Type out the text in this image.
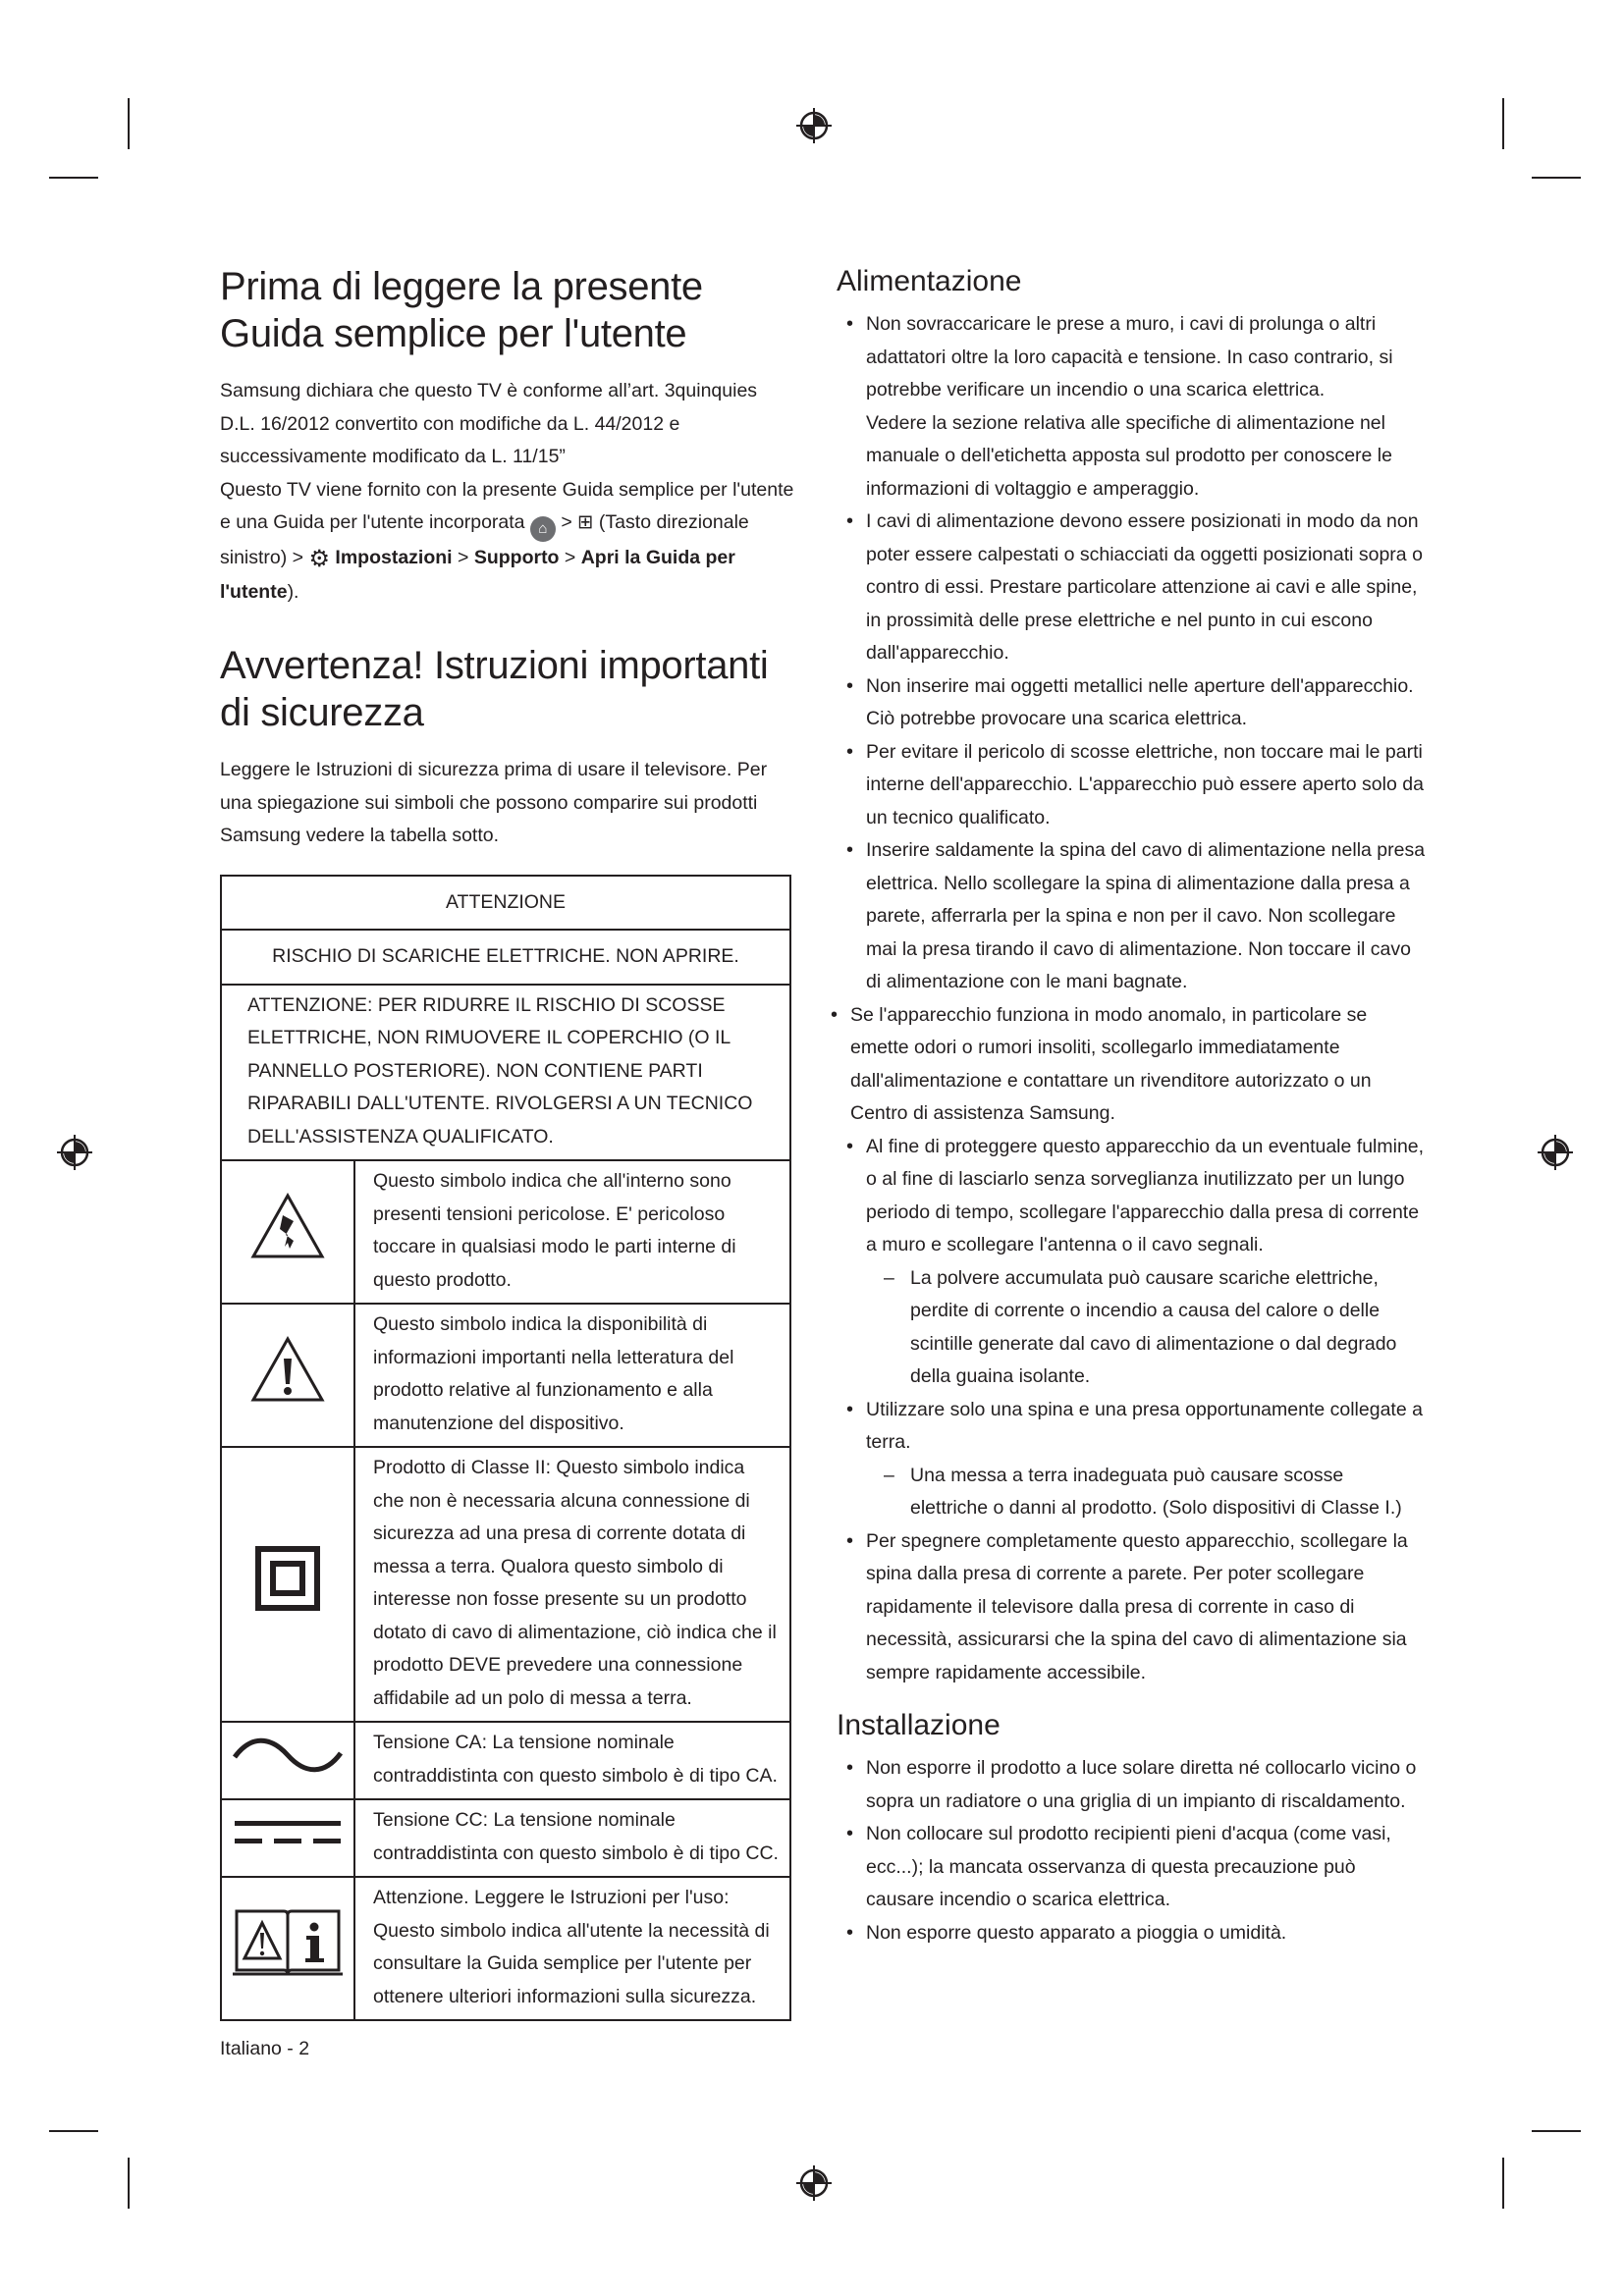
Prima di leggere la presente Guida semplice per l'utente

Samsung dichiara che questo TV è conforme all’art. 3quinquies D.L. 16/2012 convertito con modifiche da L. 44/2012 e successivamente modificato da L. 11/15”

Questo TV viene fornito con la presente Guida semplice per l'utente e una Guida per l'utente incorporata ⌂ > ⊞ (Tasto direzionale sinistro) > ⚙ Impostazioni > Supporto > Apri la Guida per l'utente).

Avvertenza! Istruzioni importanti di sicurezza

Leggere le Istruzioni di sicurezza prima di usare il televisore. Per una spiegazione sui simboli che possono comparire sui prodotti Samsung vedere la tabella sotto.

ATTENZIONE	
RISCHIO DI SCARICHE ELETTRICHE. NON APRIRE.	
ATTENZIONE: PER RIDURRE IL RISCHIO DI SCOSSE ELETTRICHE, NON RIMUOVERE IL COPERCHIO (O IL PANNELLO POSTERIORE). NON CONTIENE PARTI RIPARABILI DALL'UTENTE. RIVOLGERSI A UN TECNICO DELL'ASSISTENZA QUALIFICATO.	
	Questo simbolo indica che all'interno sono presenti tensioni pericolose. E' pericoloso toccare in qualsiasi modo le parti interne di questo prodotto.
	Questo simbolo indica la disponibilità di informazioni importanti nella letteratura del prodotto relative al funzionamento e alla manutenzione del dispositivo.
	Prodotto di Classe II: Questo simbolo indica che non è necessaria alcuna connessione di sicurezza ad una presa di corrente dotata di messa a terra. Qualora questo simbolo di interesse non fosse presente su un prodotto dotato di cavo di alimentazione, ciò indica che il prodotto DEVE prevedere una connessione affidabile ad un polo di messa a terra.
	Tensione CA: La tensione nominale contraddistinta con questo simbolo è di tipo CA.
	Tensione CC: La tensione nominale contraddistinta con questo simbolo è di tipo CC.
	Attenzione. Leggere le Istruzioni per l'uso: Questo simbolo indica all'utente la necessità di consultare la Guida semplice per l'utente per ottenere ulteriori informazioni sulla sicurezza.
Alimentazione
• Non sovraccaricare le prese a muro, i cavi di prolunga o altri adattatori oltre la loro capacità e tensione. In caso contrario, si potrebbe verificare un incendio o una scarica elettrica.
Vedere la sezione relativa alle specifiche di alimentazione nel manuale o dell'etichetta apposta sul prodotto per conoscere le informazioni di voltaggio e amperaggio.
• I cavi di alimentazione devono essere posizionati in modo da non poter essere calpestati o schiacciati da oggetti posizionati sopra o contro di essi. Prestare particolare attenzione ai cavi e alle spine, in prossimità delle prese elettriche e nel punto in cui escono dall'apparecchio.
• Non inserire mai oggetti metallici nelle aperture dell'apparecchio. Ciò potrebbe provocare una scarica elettrica.
• Per evitare il pericolo di scosse elettriche, non toccare mai le parti interne dell'apparecchio. L'apparecchio può essere aperto solo da un tecnico qualificato.
• Inserire saldamente la spina del cavo di alimentazione nella presa elettrica. Nello scollegare la spina di alimentazione dalla presa a parete, afferrarla per la spina e non per il cavo. Non scollegare mai la presa tirando il cavo di alimentazione. Non toccare il cavo di alimentazione con le mani bagnate.
• Se l'apparecchio funziona in modo anomalo, in particolare se emette odori o rumori insoliti, scollegarlo immediatamente dall'alimentazione e contattare un rivenditore autorizzato o un Centro di assistenza Samsung.
• Al fine di proteggere questo apparecchio da un eventuale fulmine, o al fine di lasciarlo senza sorveglianza inutilizzato per un lungo periodo di tempo, scollegare l'apparecchio dalla presa di corrente a muro e scollegare l'antenna o il cavo segnali.
– La polvere accumulata può causare scariche elettriche, perdite di corrente o incendio a causa del calore o delle scintille generate dal cavo di alimentazione o dal degrado della guaina isolante.
• Utilizzare solo una spina e una presa opportunamente collegate a terra.
– Una messa a terra inadeguata può causare scosse elettriche o danni al prodotto. (Solo dispositivi di Classe I.)
• Per spegnere completamente questo apparecchio, scollegare la spina dalla presa di corrente a parete. Per poter scollegare rapidamente il televisore dalla presa di corrente in caso di necessità, assicurarsi che la spina del cavo di alimentazione sia sempre rapidamente accessibile.
Installazione
• Non esporre il prodotto a luce solare diretta né collocarlo vicino o sopra un radiatore o una griglia di un impianto di riscaldamento.
• Non collocare sul prodotto recipienti pieni d'acqua (come vasi, ecc...); la mancata osservanza di questa precauzione può causare incendio o scarica elettrica.
• Non esporre questo apparato a pioggia o umidità.
Italiano - 2
